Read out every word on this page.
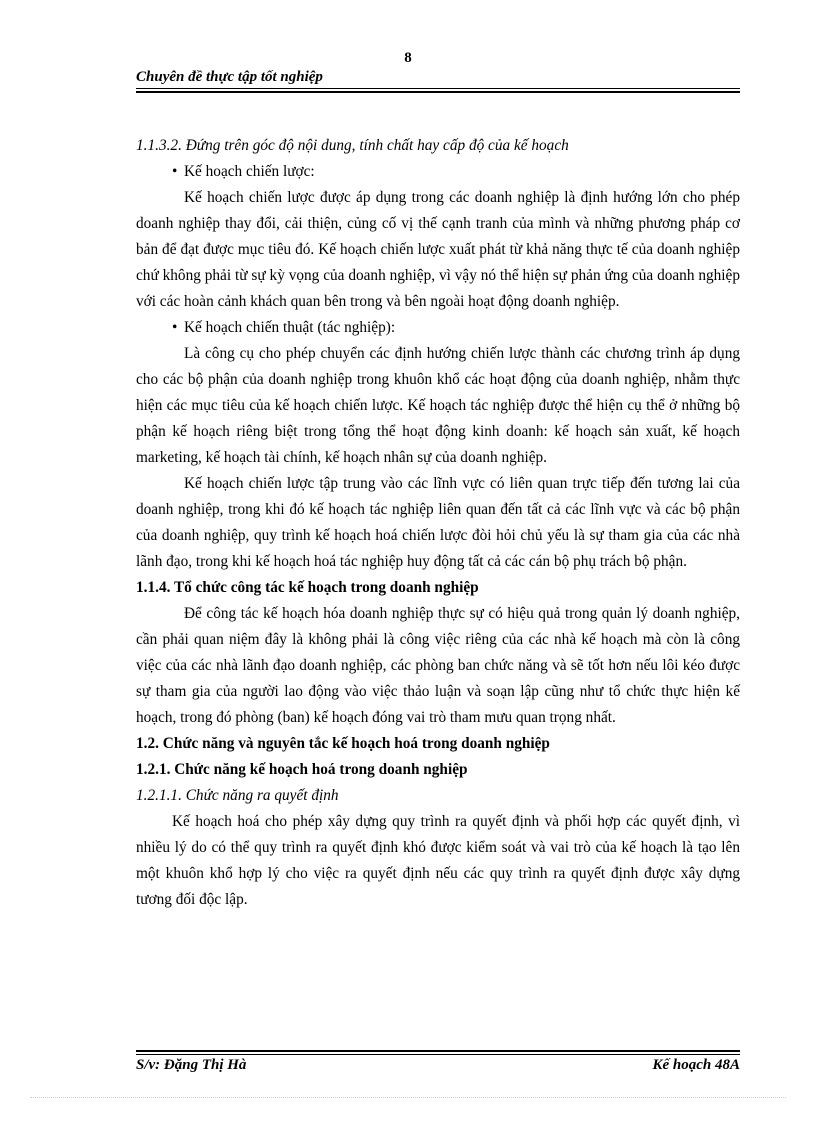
8
Chuyên đề thực tập tốt nghiệp
1.1.3.2. Đứng trên góc độ nội dung, tính chất hay cấp độ của kế hoạch
• Kế hoạch chiến lược:

Kế hoạch chiến lược được áp dụng trong các doanh nghiệp là định hướng lớn cho phép doanh nghiệp thay đổi, cải thiện, củng cố vị thế cạnh tranh của mình và những phương pháp cơ bản để đạt được mục tiêu đó. Kế hoạch chiến lược xuất phát từ khả năng thực tế của doanh nghiệp chứ không phải từ sự kỳ vọng của doanh nghiệp, vì vậy nó thể hiện sự phản ứng của doanh nghiệp với các hoàn cảnh khách quan bên trong và bên ngoài hoạt động doanh nghiệp.

• Kế hoạch chiến thuật (tác nghiệp):

Là công cụ cho phép chuyển các định hướng chiến lược thành các chương trình áp dụng cho các bộ phận của doanh nghiệp trong khuôn khổ các hoạt động của doanh nghiệp, nhằm thực hiện các mục tiêu của kế hoạch chiến lược. Kế hoạch tác nghiệp được thể hiện cụ thể ở những bộ phận kế hoạch riêng biệt trong tổng thể hoạt động kinh doanh: kế hoạch sản xuất, kế hoạch marketing, kế hoạch tài chính, kế hoạch nhân sự của doanh nghiệp.

Kế hoạch chiến lược tập trung vào các lĩnh vực có liên quan trực tiếp đến tương lai của doanh nghiệp, trong khi đó kế hoạch tác nghiệp liên quan đến tất cả các lĩnh vực và các bộ phận của doanh nghiệp, quy trình kế hoạch hoá chiến lược đòi hỏi chủ yếu là sự tham gia của các nhà lãnh đạo, trong khi kế hoạch hoá tác nghiệp huy động tất cả các cán bộ phụ trách bộ phận.

1.1.4. Tổ chức công tác kế hoạch trong doanh nghiệp

Để công tác kế hoạch hóa doanh nghiệp thực sự có hiệu quả trong quản lý doanh nghiệp, cần phải quan niệm đây là không phải là công việc riêng của các nhà kế hoạch mà còn là công việc của các nhà lãnh đạo doanh nghiệp, các phòng ban chức năng và sẽ tốt hơn nếu lôi kéo được sự tham gia của người lao động vào việc thảo luận và soạn lập cũng như tổ chức thực hiện kế hoạch, trong đó phòng (ban) kế hoạch đóng vai trò tham mưu quan trọng nhất.

1.2. Chức năng và nguyên tắc kế hoạch hoá trong doanh nghiệp
1.2.1. Chức năng kế hoạch hoá trong doanh nghiệp
1.2.1.1. Chức năng ra quyết định

Kế hoạch hoá cho phép xây dựng quy trình ra quyết định và phối hợp các quyết định, vì nhiều lý do có thể quy trình ra quyết định khó được kiểm soát và vai trò của kế hoạch là tạo lên một khuôn khổ hợp lý cho việc ra quyết định nếu các quy trình ra quyết định được xây dựng tương đối độc lập.

S/v: Đặng Thị Hà	Kế hoạch 48A
